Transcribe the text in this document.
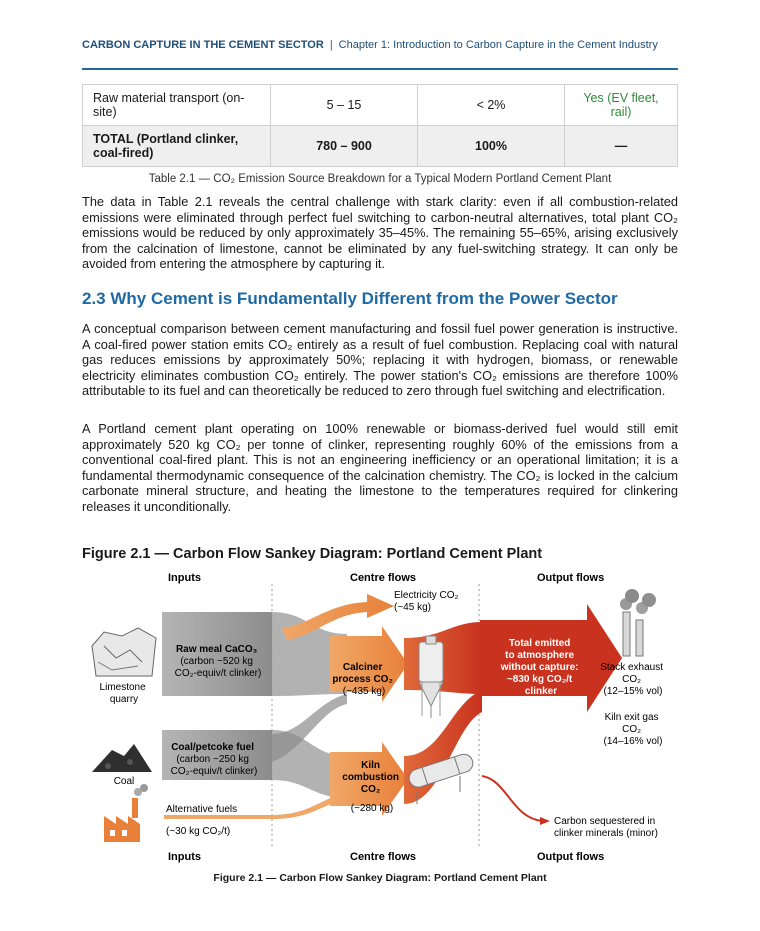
CARBON CAPTURE IN THE CEMENT SECTOR | Chapter 1: Introduction to Carbon Capture in the Cement Industry
Raw material transport (on-site)	5 – 15	< 2%	Yes (EV fleet, rail)
TOTAL (Portland clinker, coal-fired)	780 – 900	100%	—
Table 2.1 — CO₂ Emission Source Breakdown for a Typical Modern Portland Cement Plant

The data in Table 2.1 reveals the central challenge with stark clarity: even if all combustion-related emissions were eliminated through perfect fuel switching to carbon-neutral alternatives, total plant CO₂ emissions would be reduced by only approximately 35–45%. The remaining 55–65%, arising exclusively from the calcination of limestone, cannot be eliminated by any fuel-switching strategy. It can only be avoided from entering the atmosphere by capturing it.

2.3 Why Cement is Fundamentally Different from the Power Sector

A conceptual comparison between cement manufacturing and fossil fuel power generation is instructive. A coal-fired power station emits CO₂ entirely as a result of fuel combustion. Replacing coal with natural gas reduces emissions by approximately 50%; replacing it with hydrogen, biomass, or renewable electricity eliminates combustion CO₂ entirely. The power station's CO₂ emissions are therefore 100% attributable to its fuel and can theoretically be reduced to zero through fuel switching and electrification.

A Portland cement plant operating on 100% renewable or biomass-derived fuel would still emit approximately 520 kg CO₂ per tonne of clinker, representing roughly 60% of the emissions from a conventional coal-fired plant. This is not an engineering inefficiency or an operational limitation; it is a fundamental thermodynamic consequence of the calcination chemistry. The CO₂ is locked in the calcium carbonate mineral structure, and heating the limestone to the temperatures required for clinkering releases it unconditionally.

Figure 2.1 — Carbon Flow Sankey Diagram: Portland Cement Plant
Inputs	Centre flows	Output flows
Limestone quarry
Coal
Raw meal CaCO₃ (carbon ~520 kg CO₂-equiv/t clinker)
Coal/petcoke fuel (carbon ~250 kg CO₂-equiv/t clinker)
Alternative fuels (~30 kg CO₂/t)
Electricity CO₂ (~45 kg)
Calciner process CO₂ (~435 kg)
Kiln combustion CO₂ (~280 kg)
Total emitted to atmosphere without capture: ~830 kg CO₂/t clinker
Stack exhaust CO₂ (12–15% vol)
Kiln exit gas CO₂ (14–16% vol)
Carbon sequestered in clinker minerals (minor)
Inputs	Centre flows	Output flows
Figure 2.1 — Carbon Flow Sankey Diagram: Portland Cement Plant
